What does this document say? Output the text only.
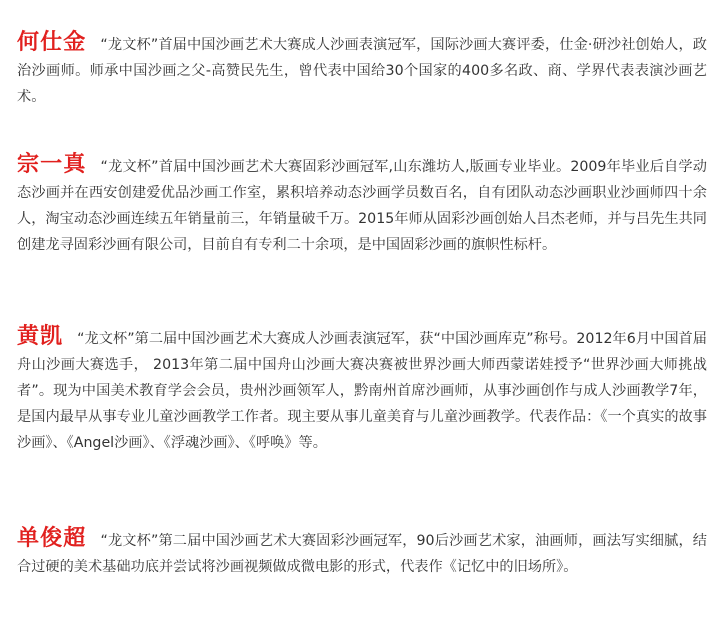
何仕金 “龙文杯”首届中国沙画艺术大赛成人沙画表演冠军，国际沙画大赛评委，仕金·研沙社创始人，政治沙画师。师承中国沙画之父-高赞民先生，曾代表中国给30个国家的400多名政、商、学界代表表演沙画艺术。
宗一真 “龙文杯”首届中国沙画艺术大赛固彩沙画冠军,山东潍坊人,版画专业毕业。2009年毕业后自学动态沙画并在西安创建爱优品沙画工作室，累积培养动态沙画学员数百名，自有团队动态沙画职业沙画师四十余人，淘宝动态沙画连续五年销量前三，年销量破千万。2015年师从固彩沙画创始人吕杰老师，并与吕先生共同创建龙寻固彩沙画有限公司，目前自有专利二十余项，是中国固彩沙画的旗帜性标杆。
黄凯 “龙文杯”第二届中国沙画艺术大赛成人沙画表演冠军，获“中国沙画库克”称号。2012年6月中国首届舟山沙画大赛选手， 2013年第二届中国舟山沙画大赛决赛被世界沙画大师西蒙诺娃授予“世界沙画大师挑战者”。现为中国美术教育学会会员，贵州沙画领军人，黔南州首席沙画师，从事沙画创作与成人沙画教学7年，是国内最早从事专业儿童沙画教学工作者。现主要从事儿童美育与儿童沙画教学。代表作品：《一个真实的故事沙画》、《Angel沙画》、《浮魂沙画》、《呼唤》等。
单俊超 “龙文杯”第二届中国沙画艺术大赛固彩沙画冠军，90后沙画艺术家，油画师，画法写实细腻，结合过硬的美术基础功底并尝试将沙画视频做成微电影的形式，代表作《记忆中的旧场所》。
